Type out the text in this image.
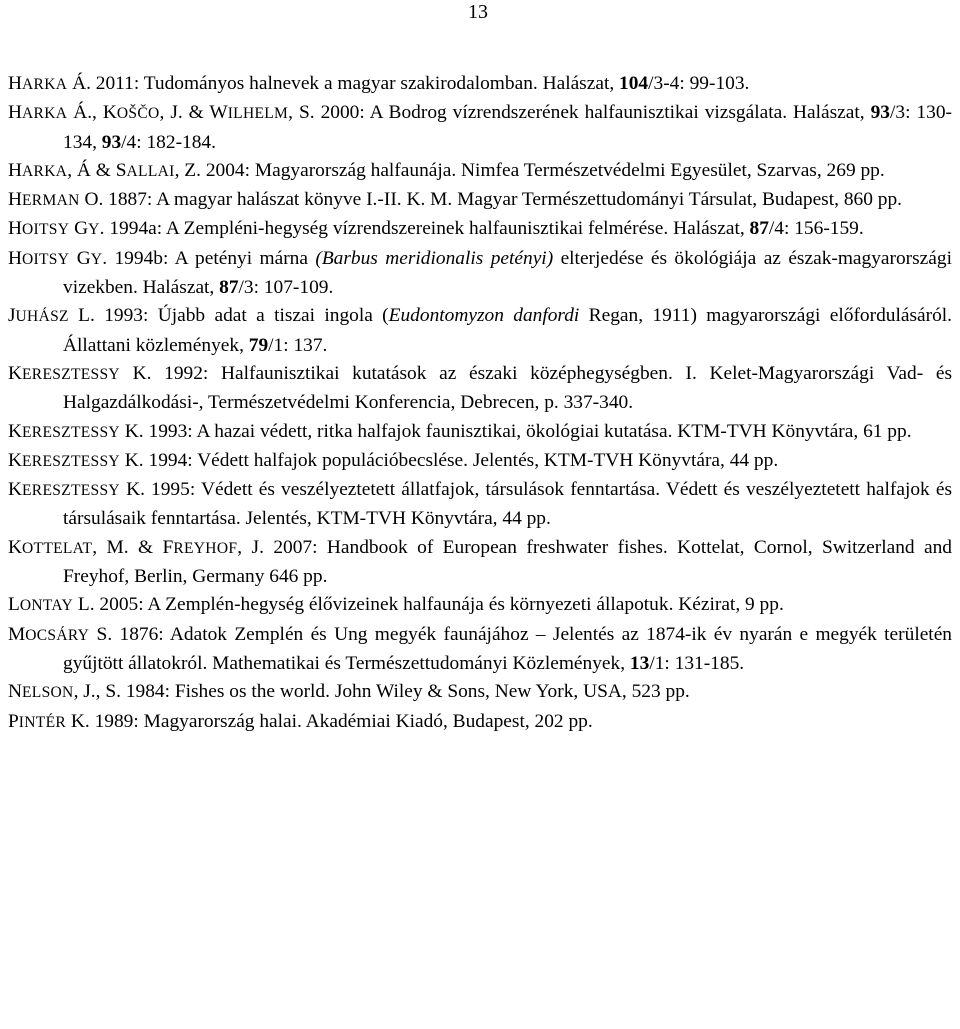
13
HARKA Á. 2011: Tudományos halnevek a magyar szakirodalomban. Halászat, 104/3-4: 99-103.
HARKA Á., KOŠČO, J. & WILHELM, S. 2000: A Bodrog vízrendszerének halfaunisztikai vizsgálata. Halászat, 93/3: 130-134, 93/4: 182-184.
HARKA, Á & SALLAI, Z. 2004: Magyarország halfaunája. Nimfea Természetvédelmi Egyesület, Szarvas, 269 pp.
HERMAN O. 1887: A magyar halászat könyve I.-II. K. M. Magyar Természettudományi Társulat, Budapest, 860 pp.
HOITSY GY. 1994a: A Zempléni-hegység vízrendszereinek halfaunisztikai felmérése. Halászat, 87/4: 156-159.
HOITSY GY. 1994b: A petényi márna (Barbus meridionalis petényi) elterjedése és ökológiája az észak-magyarországi vizekben. Halászat, 87/3: 107-109.
JUHÁSZ L. 1993: Újabb adat a tiszai ingola (Eudontomyzon danfordi Regan, 1911) magyarországi előfordulásáról. Állattani közlemények, 79/1: 137.
KERESZTESSY K. 1992: Halfaunisztikai kutatások az északi középhegységben. I. Kelet-Magyarországi Vad- és Halgazdálkodási-, Természetvédelmi Konferencia, Debrecen, p. 337-340.
KERESZTESSY K. 1993: A hazai védett, ritka halfajok faunisztikai, ökológiai kutatása. KTM-TVH Könyvtára, 61 pp.
KERESZTESSY K. 1994: Védett halfajok populációbecslése. Jelentés, KTM-TVH Könyvtára, 44 pp.
KERESZTESSY K. 1995: Védett és veszélyeztetett állatfajok, társulások fenntartása. Védett és veszélyeztetett halfajok és társulásaik fenntartása. Jelentés, KTM-TVH Könyvtára, 44 pp.
KOTTELAT, M. & FREYHOF, J. 2007: Handbook of European freshwater fishes. Kottelat, Cornol, Switzerland and Freyhof, Berlin, Germany 646 pp.
LONTAY L. 2005: A Zemplén-hegység élővizeinek halfaunája és környezeti állapotuk. Kézirat, 9 pp.
MOCSÁRY S. 1876: Adatok Zemplén és Ung megyék faunájához – Jelentés az 1874-ik év nyarán e megyék területén gyűjtött állatokról. Mathematikai és Természettudományi Közlemények, 13/1: 131-185.
NELSON, J., S. 1984: Fishes os the world. John Wiley & Sons, New York, USA, 523 pp.
PINTÉR K. 1989: Magyarország halai. Akadémiai Kiadó, Budapest, 202 pp.
